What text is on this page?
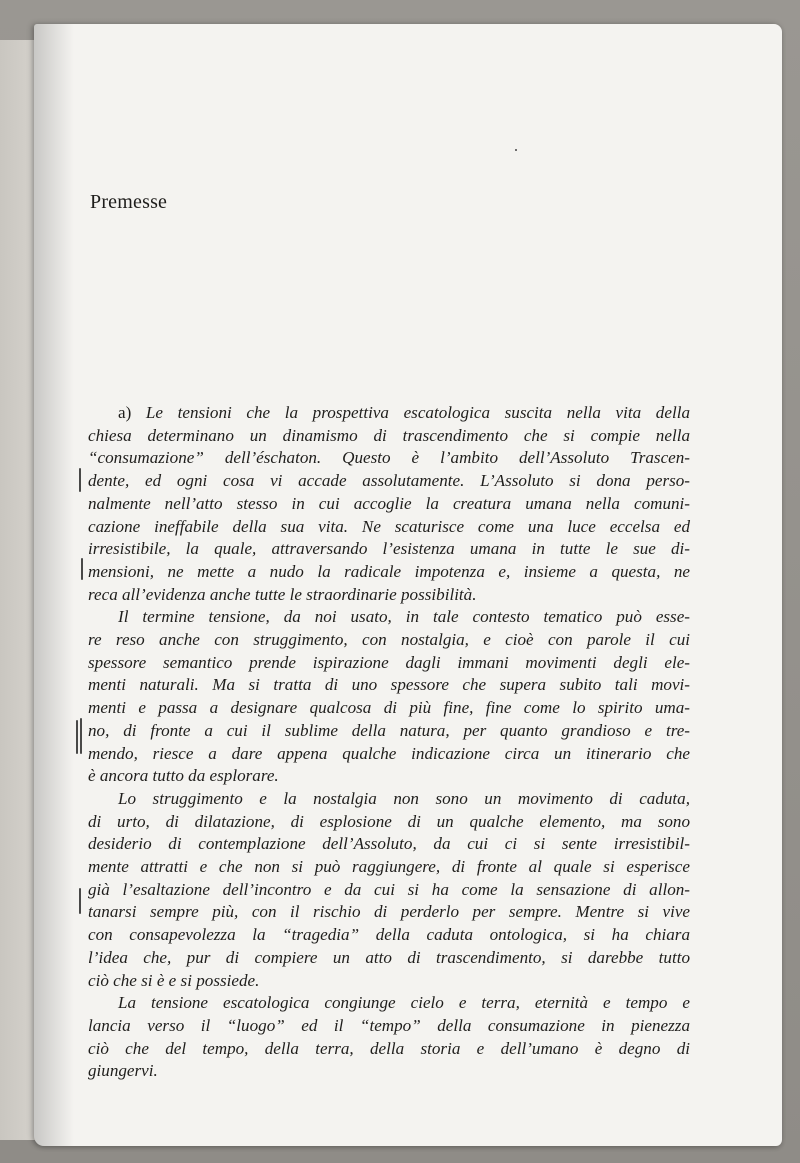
Premesse
a) Le tensioni che la prospettiva escatologica suscita nella vita della
chiesa determinano un dinamismo di trascendimento che si compie nella
“consumazione” dell’éschaton. Questo è l’ambito dell’Assoluto Trascen-
dente, ed ogni cosa vi accade assolutamente. L’Assoluto si dona perso-
nalmente nell’atto stesso in cui accoglie la creatura umana nella comuni-
cazione ineffabile della sua vita. Ne scaturisce come una luce eccelsa ed
irresistibile, la quale, attraversando l’esistenza umana in tutte le sue di-
mensioni, ne mette a nudo la radicale impotenza e, insieme a questa, ne
reca all’evidenza anche tutte le straordinarie possibilità.
Il termine tensione, da noi usato, in tale contesto tematico può esse-
re reso anche con struggimento, con nostalgia, e cioè con parole il cui
spessore semantico prende ispirazione dagli immani movimenti degli ele-
menti naturali. Ma si tratta di uno spessore che supera subito tali movi-
menti e passa a designare qualcosa di più fine, fine come lo spirito uma-
no, di fronte a cui il sublime della natura, per quanto grandioso e tre-
mendo, riesce a dare appena qualche indicazione circa un itinerario che
è ancora tutto da esplorare.
Lo struggimento e la nostalgia non sono un movimento di caduta,
di urto, di dilatazione, di esplosione di un qualche elemento, ma sono
desiderio di contemplazione dell’Assoluto, da cui ci si sente irresistibil-
mente attratti e che non si può raggiungere, di fronte al quale si esperisce
già l’esaltazione dell’incontro e da cui si ha come la sensazione di allon-
tanarsi sempre più, con il rischio di perderlo per sempre. Mentre si vive
con consapevolezza la “tragedia” della caduta ontologica, si ha chiara
l’idea che, pur di compiere un atto di trascendimento, si darebbe tutto
ciò che si è e si possiede.
La tensione escatologica congiunge cielo e terra, eternità e tempo e
lancia verso il “luogo” ed il “tempo” della consumazione in pienezza
ciò che del tempo, della terra, della storia e dell’umano è degno di
giungervi.
